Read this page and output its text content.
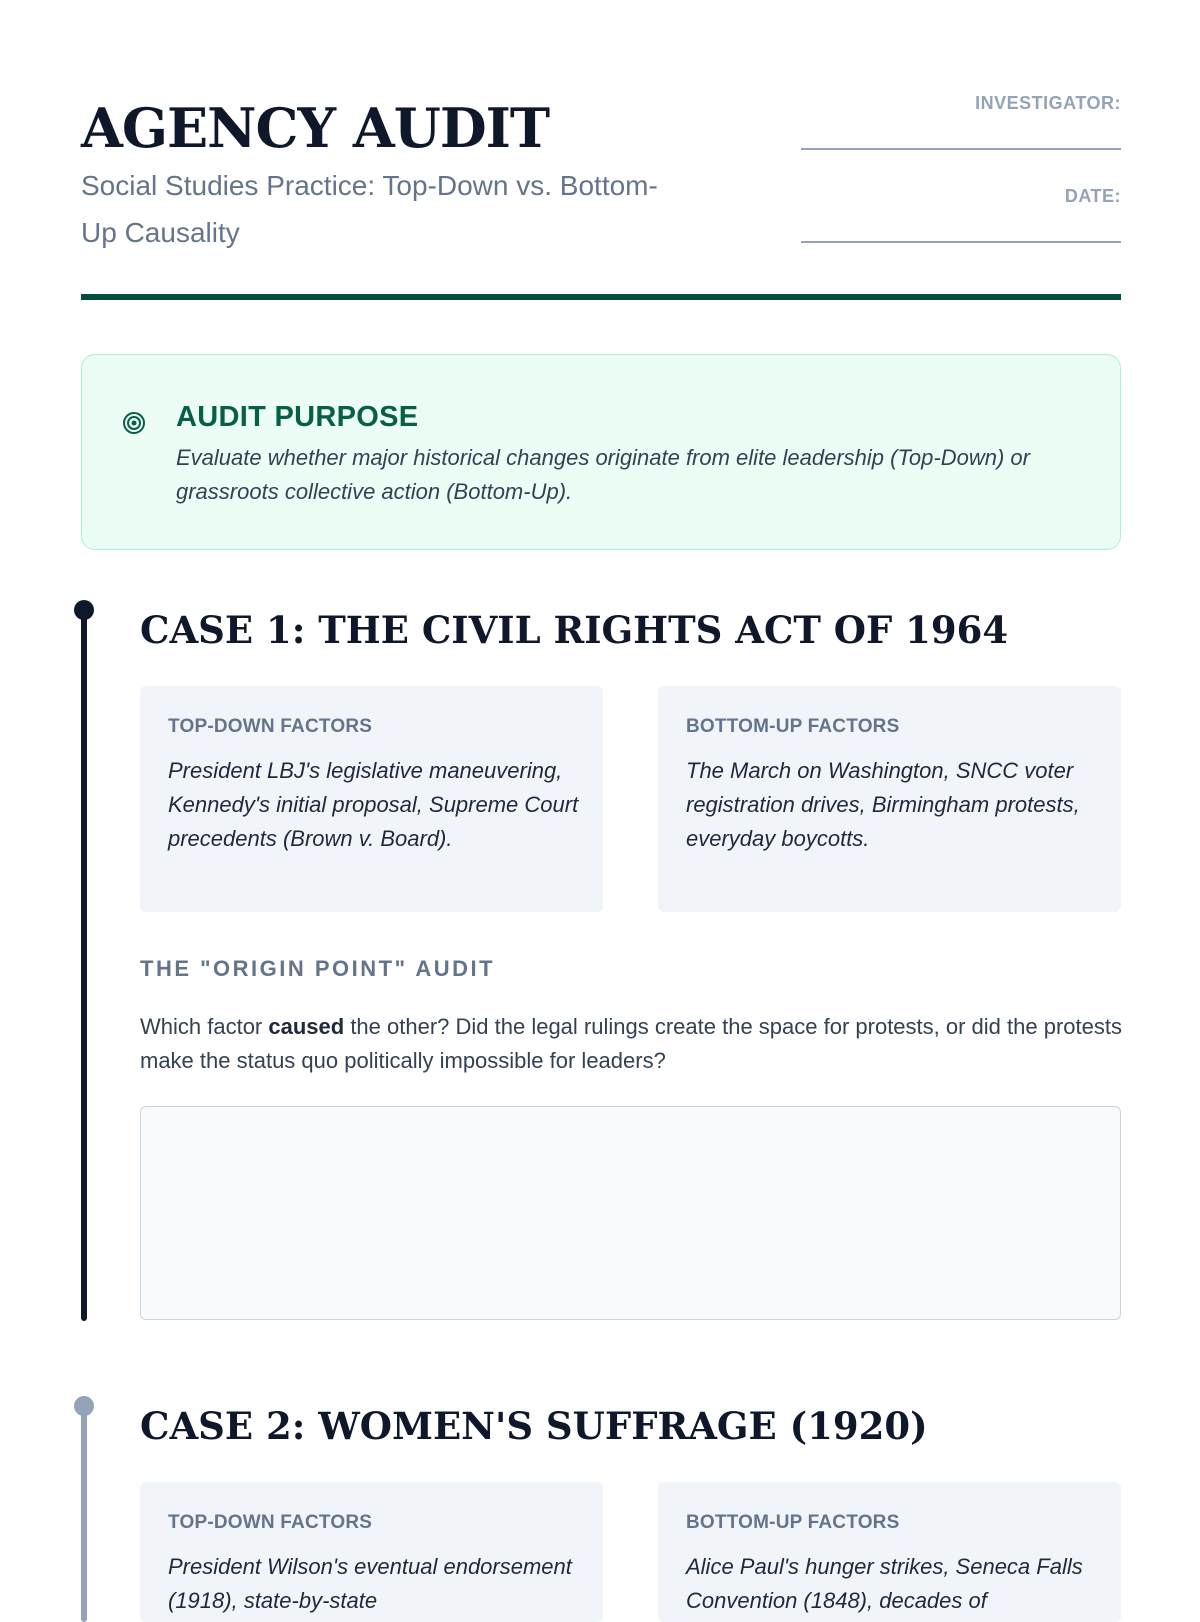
AGENCY AUDIT
Social Studies Practice: Top-Down vs. Bottom-Up Causality
INVESTIGATOR:
DATE:
AUDIT PURPOSE
Evaluate whether major historical changes originate from elite leadership (Top-Down) or grassroots collective action (Bottom-Up).
CASE 1: THE CIVIL RIGHTS ACT OF 1964
TOP-DOWN FACTORS
President LBJ's legislative maneuvering, Kennedy's initial proposal, Supreme Court precedents (Brown v. Board).
BOTTOM-UP FACTORS
The March on Washington, SNCC voter registration drives, Birmingham protests, everyday boycotts.
THE "ORIGIN POINT" AUDIT
Which factor caused the other? Did the legal rulings create the space for protests, or did the protests make the status quo politically impossible for leaders?
CASE 2: WOMEN'S SUFFRAGE (1920)
TOP-DOWN FACTORS
President Wilson's eventual endorsement (1918), state-by-state
BOTTOM-UP FACTORS
Alice Paul's hunger strikes, Seneca Falls Convention (1848), decades of
